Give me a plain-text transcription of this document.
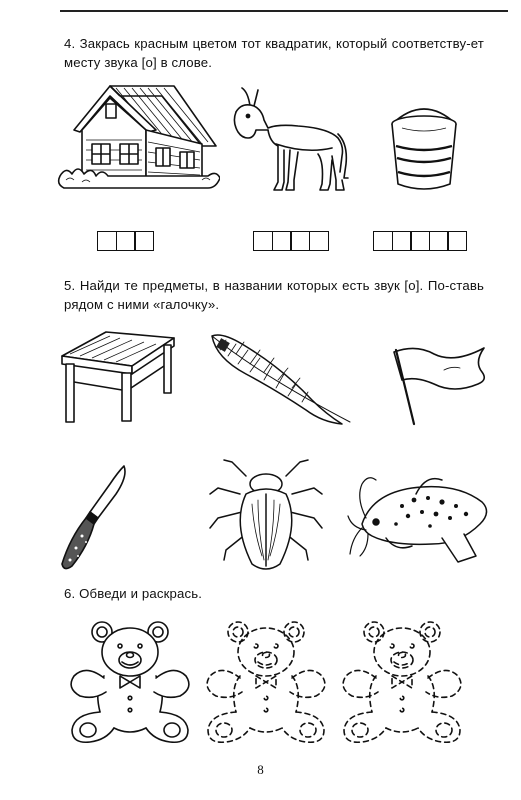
4. Закрась красным цветом тот квадратик, который соответству-ет месту звука [о] в слове.

5. Найди те предметы, в названии которых есть звук [о]. По-ставь рядом с ними «галочку».

6. Обведи и раскрась.

8
